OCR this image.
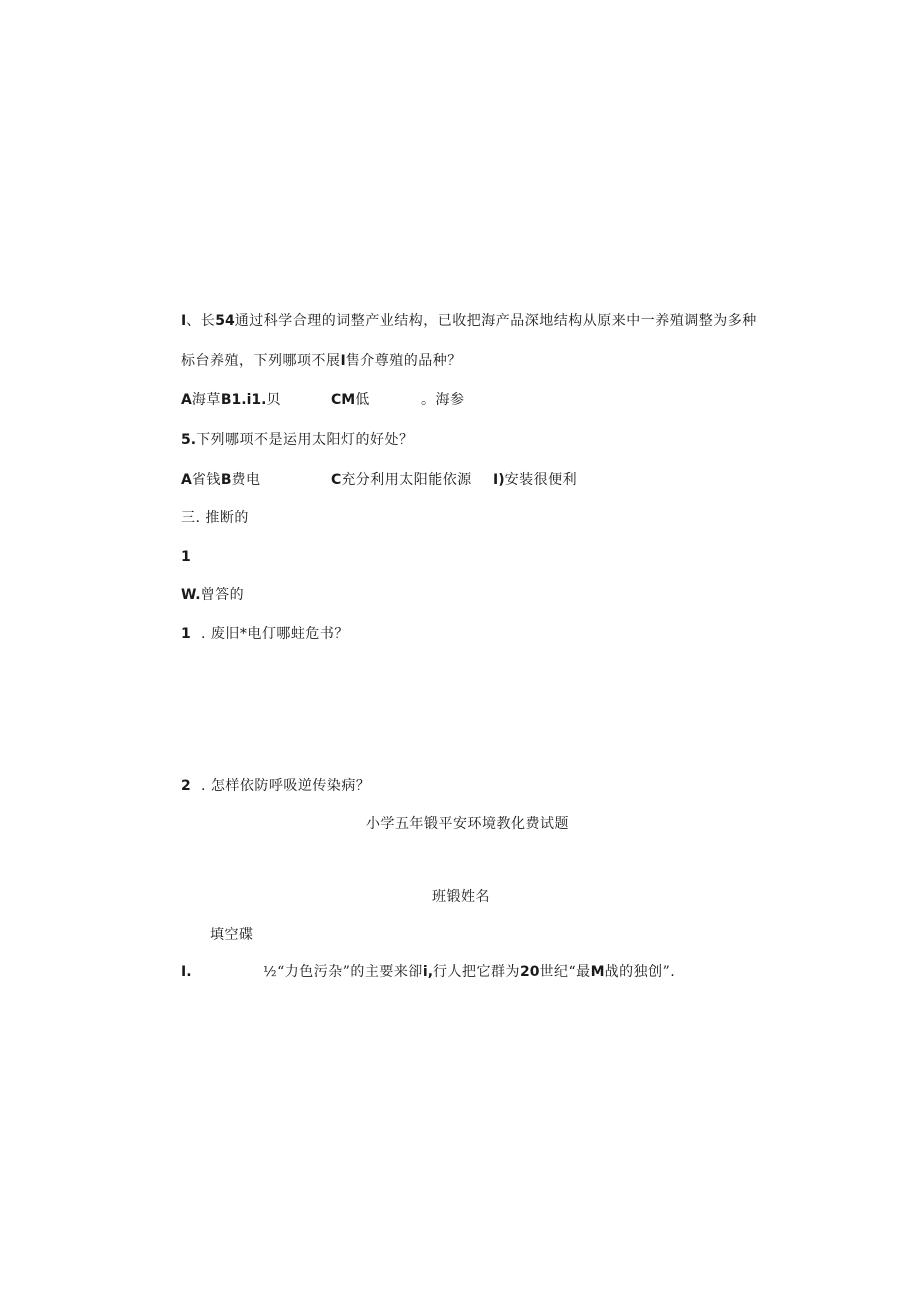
I、长54通过科学合理的词整产业结构，已收把海产品深地结构从原来中一养殖调整为多种
标台养殖，下列哪项不展I售介尊殖的品种？
A海草B1.i1.贝	CM低	。海参
5.下列哪项不是运用太阳灯的好处？
A省钱B费电	C充分利用太阳能依源 I)安装很便利
三. 推断的
1
W.曾答的
1 . 废旧*电仃哪蛀危书？
2 . 怎样依防呼吸逆传染病？
小学五年锻平安环境教化费试题
班锻姓名
填空碟
I.	½“力色污杂”的主要来卻i,行人把它群为20世纪“最M战的独创”.
